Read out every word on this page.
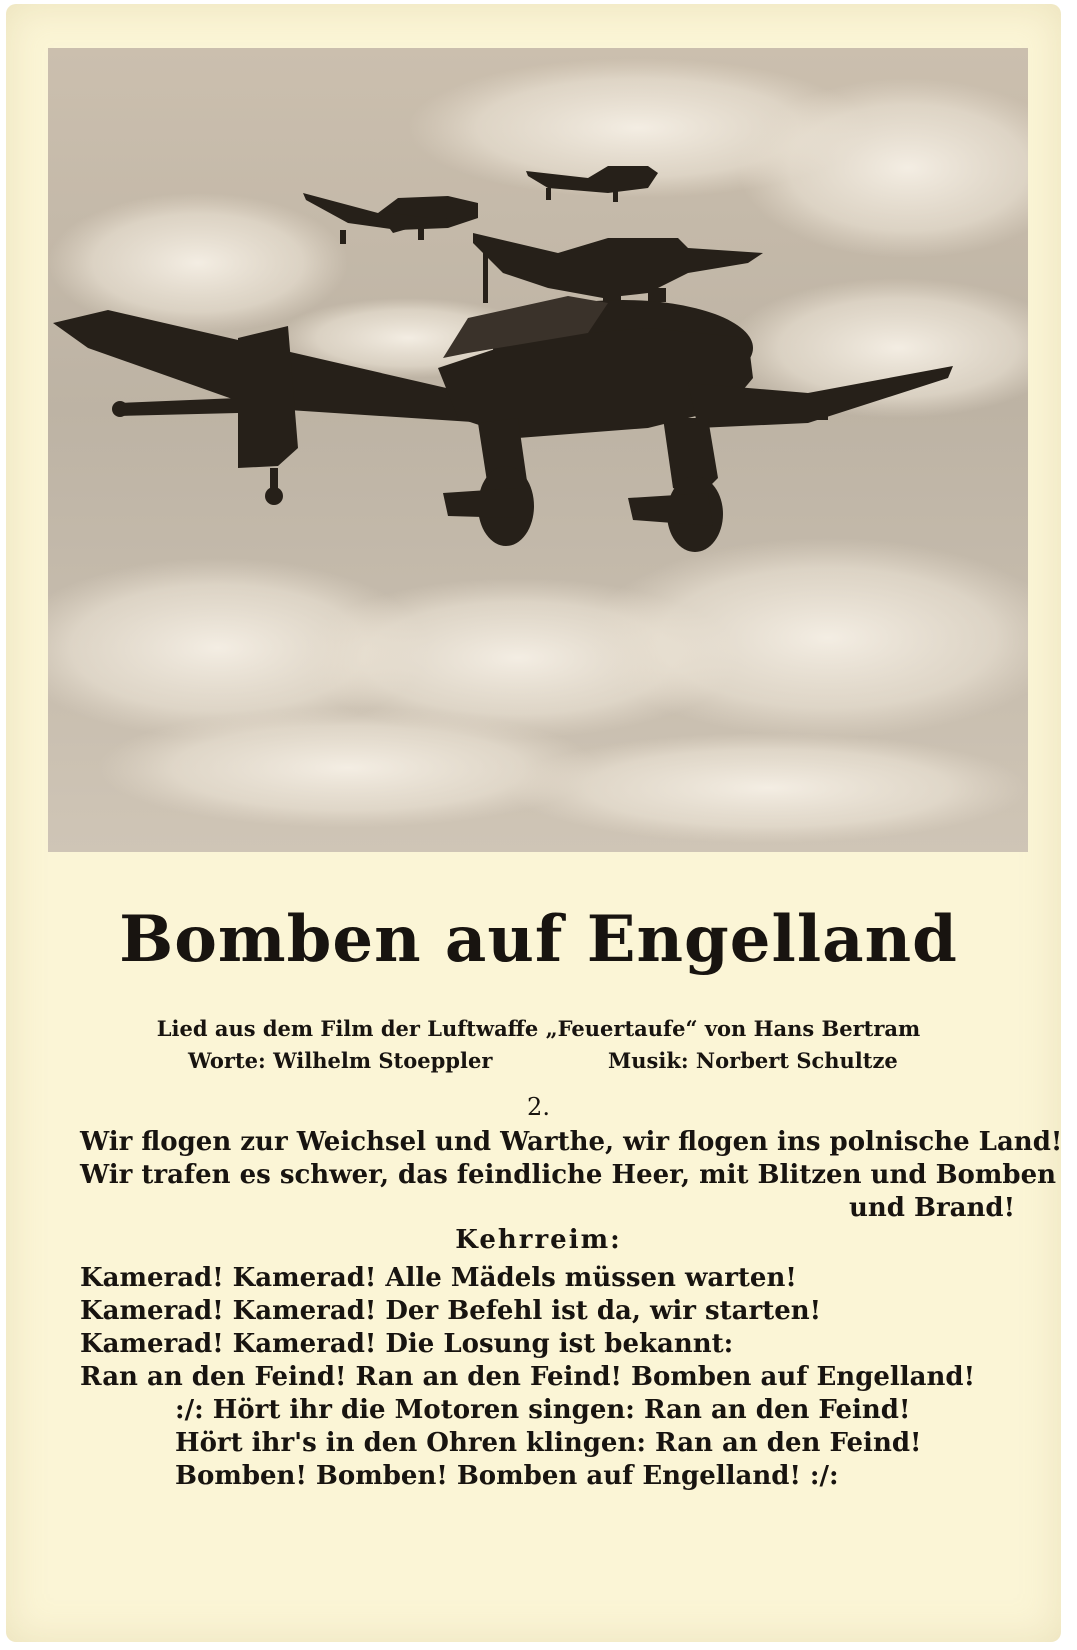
Bomben auf Engelland
Lied aus dem Film der Luftwaffe „Feuertaufe“ von Hans Bertram
Worte: Wilhelm Stoeppler	Musik: Norbert Schultze
2.
Wir flogen zur Weichsel und Warthe, wir flogen ins polnische Land!
Wir trafen es schwer, das feindliche Heer, mit Blitzen und Bomben
und Brand!
Kehrreim:
Kamerad! Kamerad! Alle Mädels müssen warten!
Kamerad! Kamerad! Der Befehl ist da, wir starten!
Kamerad! Kamerad! Die Losung ist bekannt:
Ran an den Feind! Ran an den Feind! Bomben auf Engelland!
:/: Hört ihr die Motoren singen: Ran an den Feind!
Hört ihr's in den Ohren klingen: Ran an den Feind!
Bomben! Bomben! Bomben auf Engelland! :/:
